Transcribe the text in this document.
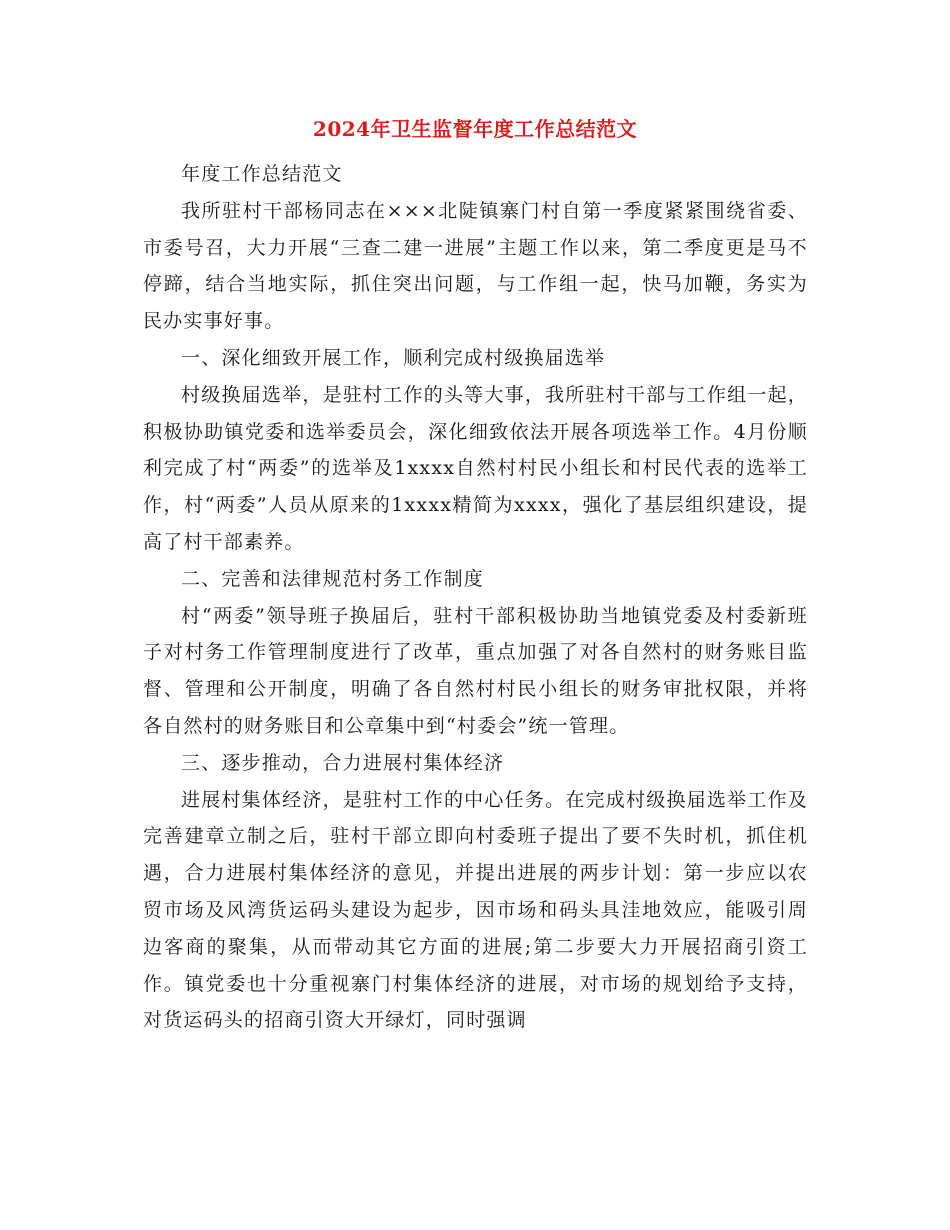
2024年卫生监督年度工作总结范文

年度工作总结范文

我所驻村干部杨同志在×××北陡镇寨门村自第一季度紧紧围绕省委、市委号召，大力开展“三查二建一进展”主题工作以来，第二季度更是马不停蹄，结合当地实际，抓住突出问题，与工作组一起，快马加鞭，务实为民办实事好事。

一、深化细致开展工作，顺利完成村级换届选举

村级换届选举，是驻村工作的头等大事，我所驻村干部与工作组一起，积极协助镇党委和选举委员会，深化细致依法开展各项选举工作。4月份顺利完成了村“两委”的选举及1xxxx自然村村民小组长和村民代表的选举工作，村“两委”人员从原来的1xxxx精简为xxxx，强化了基层组织建设，提高了村干部素养。

二、完善和法律规范村务工作制度

村“两委”领导班子换届后，驻村干部积极协助当地镇党委及村委新班子对村务工作管理制度进行了改革，重点加强了对各自然村的财务账目监督、管理和公开制度，明确了各自然村村民小组长的财务审批权限，并将各自然村的财务账目和公章集中到“村委会”统一管理。

三、逐步推动，合力进展村集体经济

进展村集体经济，是驻村工作的中心任务。在完成村级换届选举工作及完善建章立制之后，驻村干部立即向村委班子提出了要不失时机，抓住机遇，合力进展村集体经济的意见，并提出进展的两步计划：第一步应以农贸市场及风湾货运码头建设为起步，因市场和码头具洼地效应，能吸引周边客商的聚集，从而带动其它方面的进展;第二步要大力开展招商引资工作。镇党委也十分重视寨门村集体经济的进展，对市场的规划给予支持，对货运码头的招商引资大开绿灯，同时强调
